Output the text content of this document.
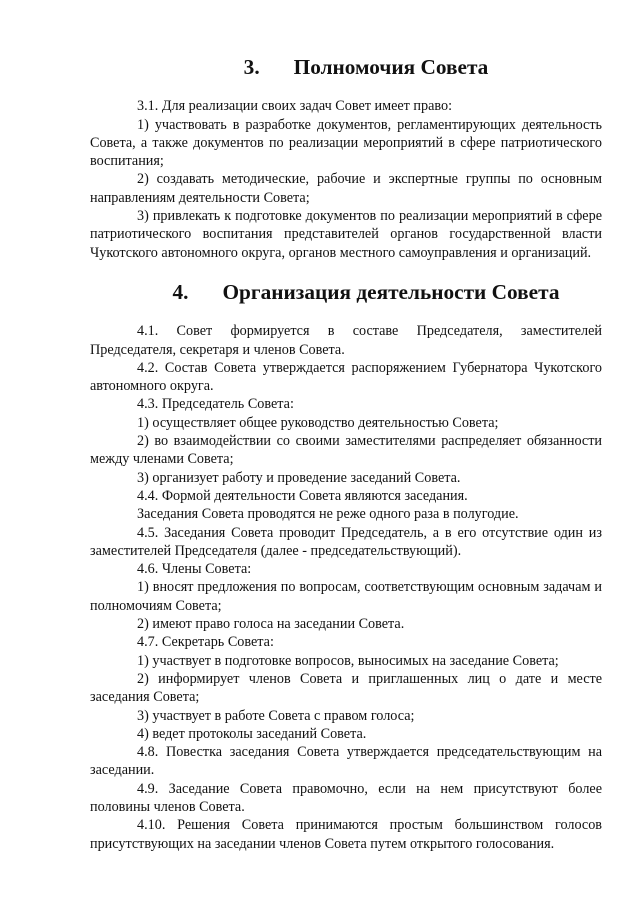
3. Полномочия Совета

3.1. Для реализации своих задач Совет имеет право:

1) участвовать в разработке документов, регламентирующих деятельность Совета, а также документов по реализации мероприятий в сфере патриотического воспитания;

2) создавать методические, рабочие и экспертные группы по основным направлениям деятельности Совета;

3) привлекать к подготовке документов по реализации мероприятий в сфере патриотического воспитания представителей органов государственной власти Чукотского автономного округа, органов местного самоуправления и организаций.

4. Организация деятельности Совета

4.1. Совет формируется в составе Председателя, заместителей Председателя, секретаря и членов Совета.

4.2. Состав Совета утверждается распоряжением Губернатора Чукотского автономного округа.

4.3. Председатель Совета:

1) осуществляет общее руководство деятельностью Совета;

2) во взаимодействии со своими заместителями распределяет обязанности между членами Совета;

3) организует работу и проведение заседаний Совета.

4.4. Формой деятельности Совета являются заседания.

Заседания Совета проводятся не реже одного раза в полугодие.

4.5. Заседания Совета проводит Председатель, а в его отсутствие один из заместителей Председателя (далее - председательствующий).

4.6. Члены Совета:

1) вносят предложения по вопросам, соответствующим основным задачам и полномочиям Совета;

2) имеют право голоса на заседании Совета.

4.7. Секретарь Совета:

1) участвует в подготовке вопросов, выносимых на заседание Совета;

2) информирует членов Совета и приглашенных лиц о дате и месте заседания Совета;

3) участвует в работе Совета с правом голоса;

4) ведет протоколы заседаний Совета.

4.8. Повестка заседания Совета утверждается председательствующим на заседании.

4.9. Заседание Совета правомочно, если на нем присутствуют более половины членов Совета.

4.10. Решения Совета принимаются простым большинством голосов присутствующих на заседании членов Совета путем открытого голосования.
